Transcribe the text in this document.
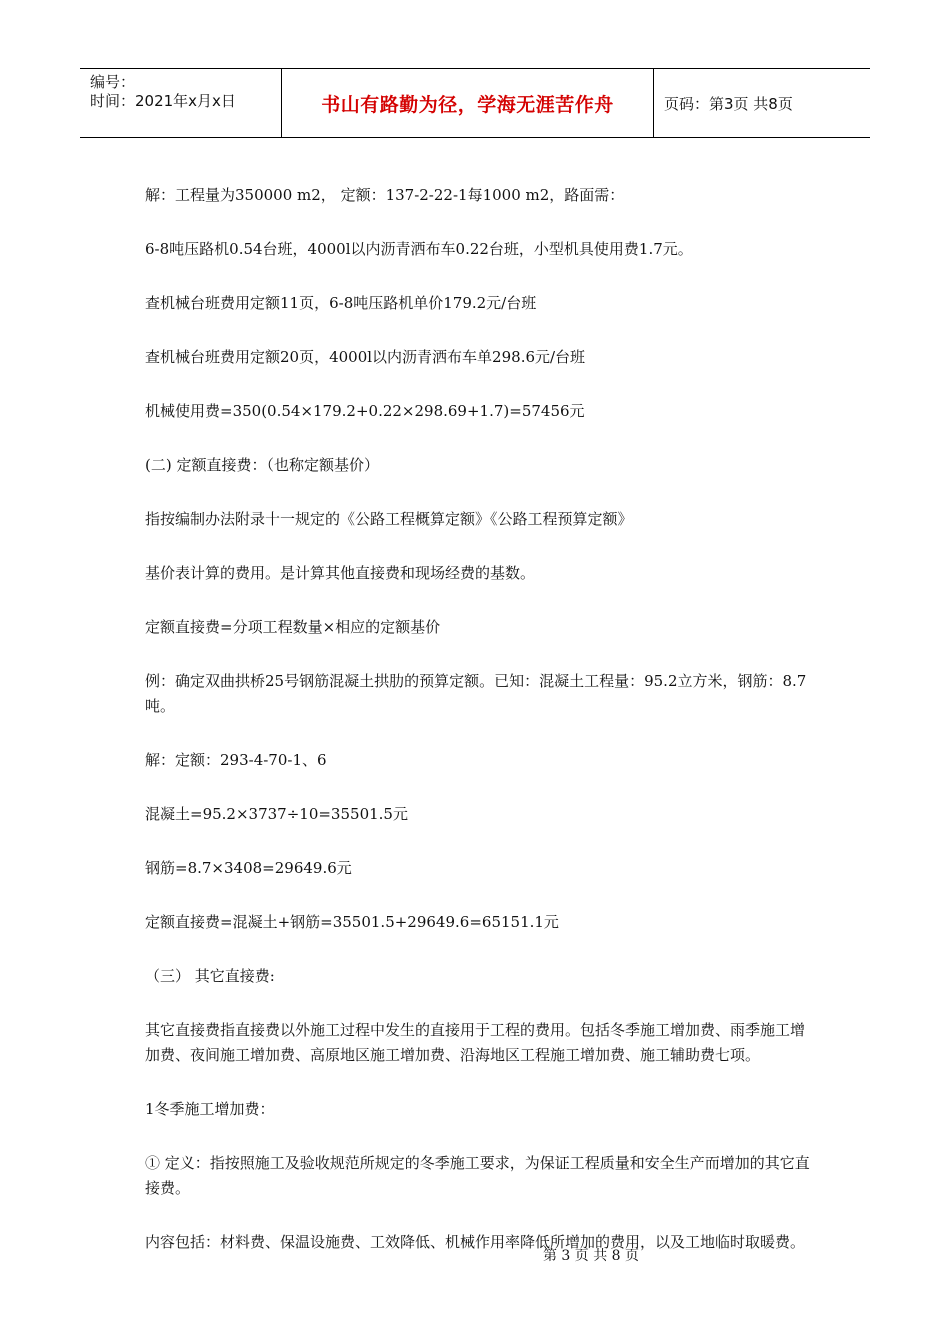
编号：
时间：2021年x月x日	书山有路勤为径，学海无涯苦作舟	页码：第3页 共8页

解：工程量为350000 m2， 定额：137-2-22-1每1000 m2，路面需：

6-8吨压路机0.54台班，4000l以内沥青洒布车0.22台班，小型机具使用费1.7元。

查机械台班费用定额11页，6-8吨压路机单价179.2元/台班

查机械台班费用定额20页，4000l以内沥青洒布车单298.6元/台班

机械使用费=350(0.54×179.2+0.22×298.69+1.7)=57456元

(二) 定额直接费：（也称定额基价）

指按编制办法附录十一规定的《公路工程概算定额》《公路工程预算定额》

基价表计算的费用。是计算其他直接费和现场经费的基数。

定额直接费=分项工程数量×相应的定额基价

例：确定双曲拱桥25号钢筋混凝土拱肋的预算定额。已知：混凝土工程量：95.2立方米，钢筋：8.7吨。

解：定额：293-4-70-1、6

混凝土=95.2×3737÷10=35501.5元

钢筋=8.7×3408=29649.6元

定额直接费=混凝土+钢筋=35501.5+29649.6=65151.1元

（三） 其它直接费:

其它直接费指直接费以外施工过程中发生的直接用于工程的费用。包括冬季施工增加费、雨季施工增加费、夜间施工增加费、高原地区施工增加费、沿海地区工程施工增加费、施工辅助费七项。

1冬季施工增加费：

① 定义：指按照施工及验收规范所规定的冬季施工要求，为保证工程质量和安全生产而增加的其它直接费。

内容包括：材料费、保温设施费、工效降低、机械作用率降低所增加的费用，以及工地临时取暖费。

第 3 页 共 8 页
